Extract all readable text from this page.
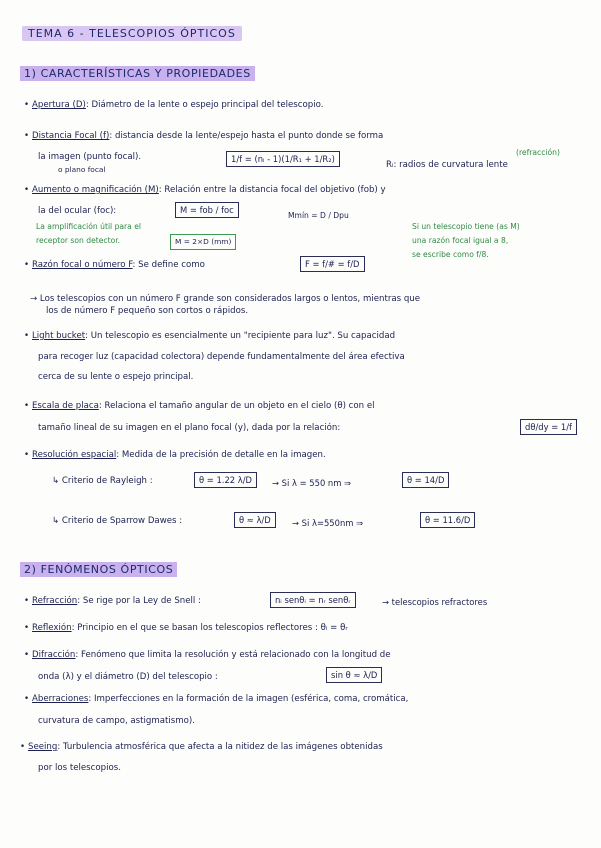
TEMA 6 - TELESCOPIOS ÓPTICOS
1) CARACTERÍSTICAS Y PROPIEDADES
• Apertura (D): Diámetro de la lente o espejo principal del telescopio.
• Distancia Focal (f): distancia desde la lente/espejo hasta el punto donde se forma
la imagen (punto focal).
o plano focal
1/f = (nₗ - 1)(1/R₁ + 1/R₂)
Rᵢ: radios de curvatura lente
(refracción)
• Aumento o magnificación (M): Relación entre la distancia focal del objetivo (fob) y
la del ocular (foc):	M = fob / foc
Mmín = D / Dpu
La amplificación útil para el
receptor son detector.	M = 2×D (mm)
Si un telescopio tiene (as M)
una razón focal igual a 8,
se escribe como f/8.
• Razón focal o número F: Se define como	F = f/# = f/D
→ Los telescopios con un número F grande son considerados largos o lentos, mientras que
los de número F pequeño son cortos o rápidos.
• Light bucket: Un telescopio es esencialmente un "recipiente para luz". Su capacidad
para recoger luz (capacidad colectora) depende fundamentalmente del área efectiva
cerca de su lente o espejo principal.
• Escala de placa: Relaciona el tamaño angular de un objeto en el cielo (θ) con el
tamaño lineal de su imagen en el plano focal (y), dada por la relación:	dθ/dy = 1/f
• Resolución espacial: Medida de la precisión de detalle en la imagen.
↳ Criterio de Rayleigh :	θ = 1.22 λ/D	→ Si λ = 550 nm ⇒	θ = 14/D
↳ Criterio de Sparrow Dawes :	θ ≈ λ/D	→ Si λ=550nm ⇒	θ = 11.6/D
2) FENÓMENOS ÓPTICOS
• Refracción: Se rige por la Ley de Snell :	nᵢ senθᵢ = nᵣ senθᵣ	→ telescopios refractores
• Reflexión: Principio en el que se basan los telescopios reflectores : θᵢ = θᵣ
• Difracción: Fenómeno que limita la resolución y está relacionado con la longitud de
onda (λ) y el diámetro (D) del telescopio :	sin θ ≈ λ/D
• Aberraciones: Imperfecciones en la formación de la imagen (esférica, coma, cromática,
curvatura de campo, astigmatismo).
• Seeing: Turbulencia atmosférica que afecta a la nitidez de las imágenes obtenidas
por los telescopios.
